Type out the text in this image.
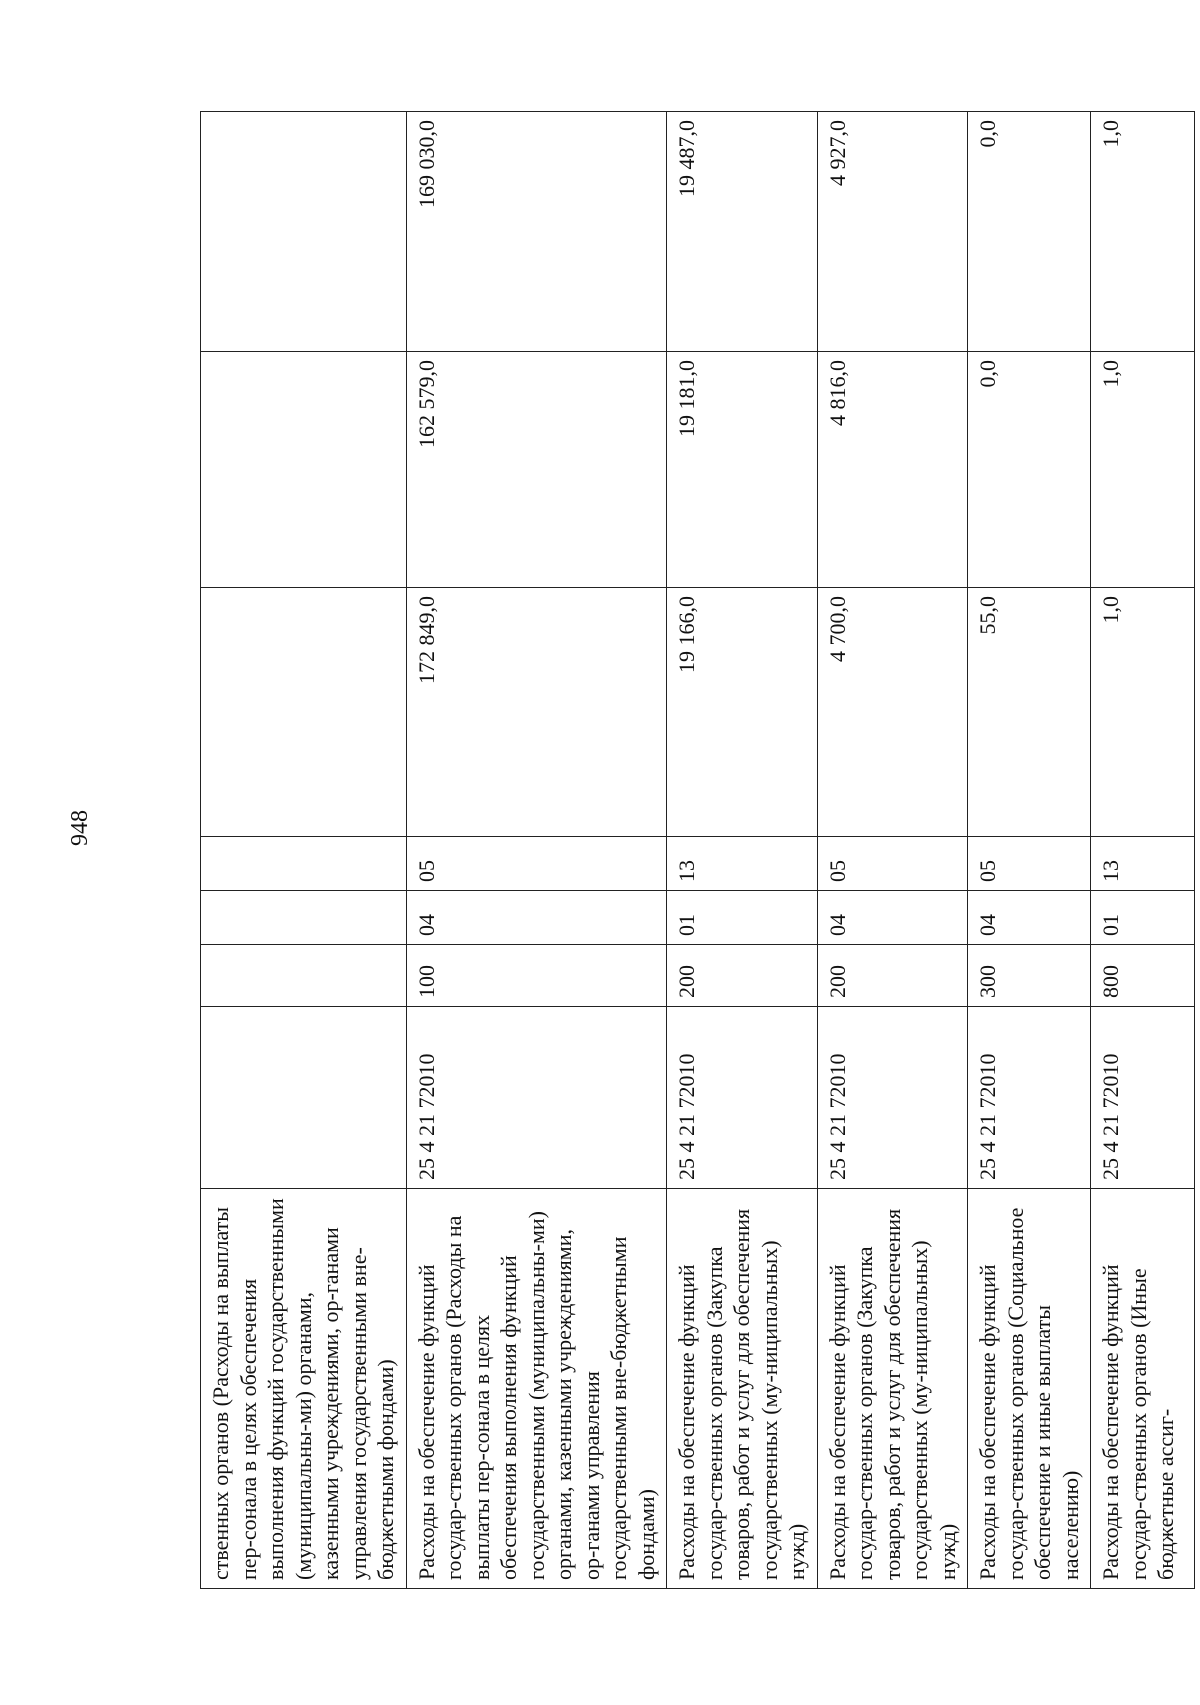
948
ственных органов (Расходы на выплаты пер-сонала в целях обеспечения выполнения функций государственными (муниципальны-ми) органами, казенными учреждениями, ор-ганами управления государственными вне-бюджетными фондами)							
Расходы на обеспечение функций государ-ственных органов (Расходы на выплаты пер-сонала в целях обеспечения выполнения функций государственными (муниципальны-ми) органами, казенными учреждениями, ор-ганами управления государственными вне-бюджетными фондами)	25 4 21 72010	100	04	05	172 849,0	162 579,0	169 030,0
Расходы на обеспечение функций государ-ственных органов (Закупка товаров, работ и услуг для обеспечения государственных (му-ниципальных) нужд)	25 4 21 72010	200	01	13	19 166,0	19 181,0	19 487,0
Расходы на обеспечение функций государ-ственных органов (Закупка товаров, работ и услуг для обеспечения государственных (му-ниципальных) нужд)	25 4 21 72010	200	04	05	4 700,0	4 816,0	4 927,0
Расходы на обеспечение функций государ-ственных органов (Социальное обеспечение и иные выплаты населению)	25 4 21 72010	300	04	05	55,0	0,0	0,0
Расходы на обеспечение функций государ-ственных органов (Иные бюджетные ассиг-	25 4 21 72010	800	01	13	1,0	1,0	1,0
